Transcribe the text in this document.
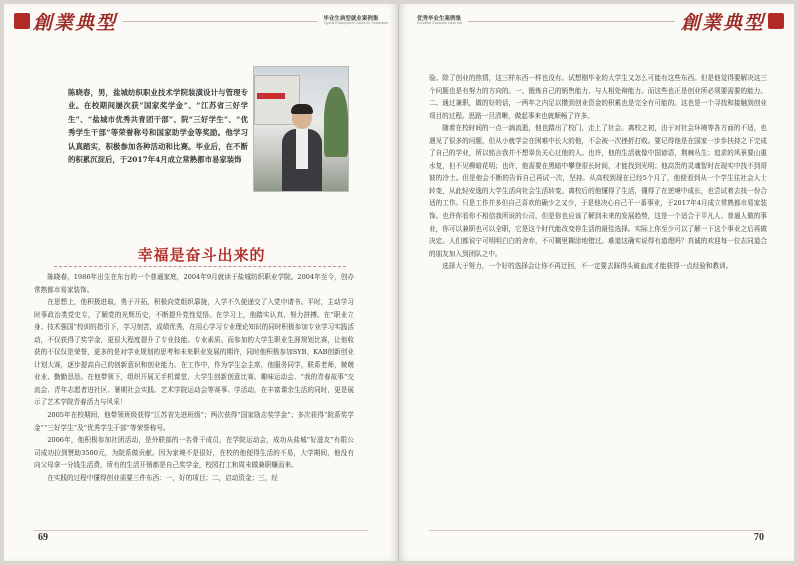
創業典型	毕业生典型就业案例集
Typical Employment Cases for Graduates
陈晓春，男，盐城纺织职业技术学院装潢设计与管理专业。在校期间屡次获“国家奖学金”、“江苏省三好学生”、“盐城市优秀共青团干部”、院“三好学生”、“优秀学生干部”等荣誉称号和国家助学金等奖励。他学习认真踏实，积极参加各种活动和比赛。毕业后，在不断的积累沉淀后，于2017年4月成立常熟都市易家装饰
幸福是奋斗出来的

陈晓春，1986年出生在东台的一个普通家庭，2004年9月就读于盐城纺织职业学院。2004年至今，创办常熟都市易家装饰。

在思想上，他积极进取，勇于开拓，积极向党组织靠拢，入学不久便递交了入党申请书。平时，主动学习时事政治类党史专，了解党的光辉历史，不断提升党性觉悟。在学习上，他踏实认真、努力拼搏。在“职业立身、技术强国”校训的指引下，学习刻苦，成绩优秀，在用心学习专业理论知识的同时积极参加专业学习实践活动，不仅获得了奖学金，更很大程度提升了专业技能。专业素质。而参加的大学生职业生涯规划比赛，让他收获的不仅仅是荣誉，更多的是对学业规划的思考和未来职业发展的期许，同时他积极参加SYB、KAB创新创业计划大赛，逐步提高自己的创新意识和创业能力。在工作中，作为学生会主席，他服务同学，联系老师，兢兢业业、勤勤恳恳。在他带领下，组织开展无手机课堂、大学生创新创意比赛、趣味运动会、“我的青春故事”交流会、青年志愿者进社区、暑期社会实践、艺术学院运动会等赛事、学活动，在丰富课余生活的同时，更是展示了艺术学院青春活力与风采！

2005年在校期间，他带领班级获得“江苏省先进班级”；两次获得“国家励志奖学金”；多次获得“院系奖学金”“三好学生”及“优秀学生干部”等荣誉称号。

2006年，他积极参加社团活动，是外联部的一名骨干成员，在学院运动会，成功从盐城“好滋友”有限公司成功拉到赞助3500元，为院系做贡献。因为家境不是很好，在校的他便得生活的不易，大学期间，他没有向父母拿一分钱生活费，所有的生活开销都是自己奖学金，校园打工和周末做兼职赚而来。

在实践的过程中懂得创业需要三件东西：一，好的项目；二，启动资金；三，经

69
优秀毕业生案例集
Excellent Graduate Case Set	創業典型

验。除了创业的热情，这三样东西一样也没有。试想刚毕业的大学生又怎么可能有这些东西。但是他觉得要解决这三个问题也是有努力的方向的。一、锻炼自己的销售能力、与人相处辩能力。而这些也正是创业所必须要需要的能力。二、通过兼职，做的好的话，一两年之内足以攒到创业资金的积累也是完全有可能的。这也是一个寻找和接触到创业项目的过程。思路一旦清晰，做起事来也就顺畅了许多。

随着在校时间的一点一滴流逝，他也踏出了校门，走上了社会。离校之初，由于对社会环境等各方面的不适，也遇见了很多的问题，但从小就学会在困难中长大的他，不会被一次挫折打败。要记得他是在国家一步步扶持之下完成了自己的学业，所以铭言我并不想辜负关心过他的人。也许，他的生活就像中国谚语，荆棘丛生；追求的风景要山重水复，但不见柳暗花明；也许，他需要在黑暗中攀登很长时间，才能找到光明；他高贵的灵魂智时在现实中找不到哥彼的冷土。但是他会不断的告诉自己再试一次，坚持。从高校到现在已经5个月了，他便看到从一个学生往社会人士转变，从此轻安逸的大学生活向社会生活转变。离校后的他懂得了生活，懂得了在逆境中成长，也尝试着去找一份合适的工作。只是工作并多但自己喜欢的确少之又少，于是他决心自己干一番事业，于2017年4月成立常熟都市易家装饰。也许你看你不相信我所说的公司，但是你也应该了解到未来的发展趋势，这是一个适合于平凡人、普通人做的事业，你可以兼职也可以全职，它是这个时代能改变你生活的最佳选择。实际上你至少可以了解一下这个事业之后再做决定。人们都说宁可明明白白的舍弃，不可糊里糊涂地错过。难道这确实说得有道理吗？真诚的欢迎每一位志同道合的朋友加入到团队之中。

选择大于努力，一个好的选择会让你不再迂回，不一定要去踩得头破血流才能获得一点经验和教训。

70
